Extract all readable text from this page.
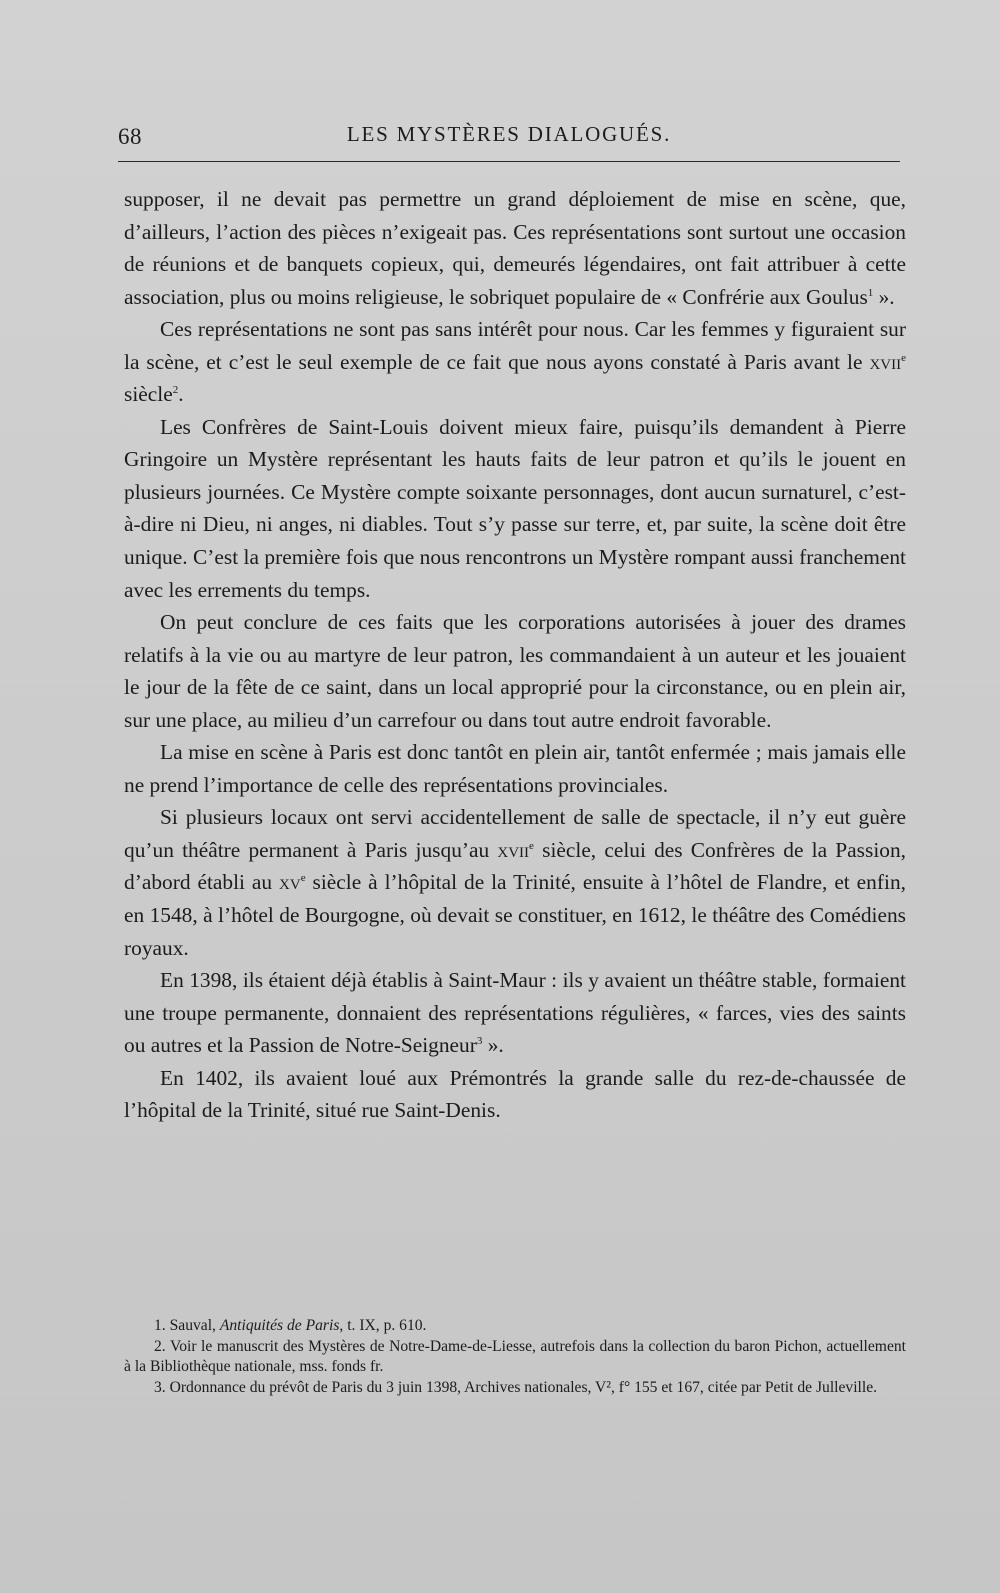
68	LES MYSTÈRES DIALOGUÉS.

supposer, il ne devait pas permettre un grand déploiement de mise en scène, que, d’ailleurs, l’action des pièces n’exigeait pas. Ces représentations sont surtout une occasion de réunions et de banquets copieux, qui, demeurés légendaires, ont fait attribuer à cette association, plus ou moins religieuse, le sobriquet populaire de « Confrérie aux Goulus$^1$ ».

Ces représentations ne sont pas sans intérêt pour nous. Car les femmes y figuraient sur la scène, et c’est le seul exemple de ce fait que nous ayons constaté à Paris avant le xvii$^e$ siècle$^2$.

Les Confrères de Saint-Louis doivent mieux faire, puisqu’ils demandent à Pierre Gringoire un Mystère représentant les hauts faits de leur patron et qu’ils le jouent en plusieurs journées. Ce Mystère compte soixante personnages, dont aucun surnaturel, c’est-à-dire ni Dieu, ni anges, ni diables. Tout s’y passe sur terre, et, par suite, la scène doit être unique. C’est la première fois que nous rencontrons un Mystère rompant aussi franchement avec les errements du temps.

On peut conclure de ces faits que les corporations autorisées à jouer des drames relatifs à la vie ou au martyre de leur patron, les commandaient à un auteur et les jouaient le jour de la fête de ce saint, dans un local approprié pour la circonstance, ou en plein air, sur une place, au milieu d’un carrefour ou dans tout autre endroit favorable.

La mise en scène à Paris est donc tantôt en plein air, tantôt enfermée ; mais jamais elle ne prend l’importance de celle des représentations provinciales.

Si plusieurs locaux ont servi accidentellement de salle de spectacle, il n’y eut guère qu’un théâtre permanent à Paris jusqu’au xvii$^e$ siècle, celui des Confrères de la Passion, d’abord établi au $xv^e$ siècle à l’hôpital de la Trinité, ensuite à l’hôtel de Flandre, et enfin, en 1548, à l’hôtel de Bourgogne, où devait se constituer, en 1612, le théâtre des Comédiens royaux.

En 1398, ils étaient déjà établis à Saint-Maur : ils y avaient un théâtre stable, formaient une troupe permanente, donnaient des représentations régulières, « farces, vies des saints ou autres et la Passion de Notre-Seigneur$^3$ ».

En 1402, ils avaient loué aux Prémontrés la grande salle du rez-de-chaussée de l’hôpital de la Trinité, situé rue Saint-Denis.

1. Sauval, Antiquités de Paris, t. IX, p. 610.

2. Voir le manuscrit des Mystères de Notre-Dame-de-Liesse, autrefois dans la collection du baron Pichon, actuellement à la Bibliothèque nationale, mss. fonds fr.

3. Ordonnance du prévôt de Paris du 3 juin 1398, Archives nationales, V², f° 155 et 167, citée par Petit de Julleville.
